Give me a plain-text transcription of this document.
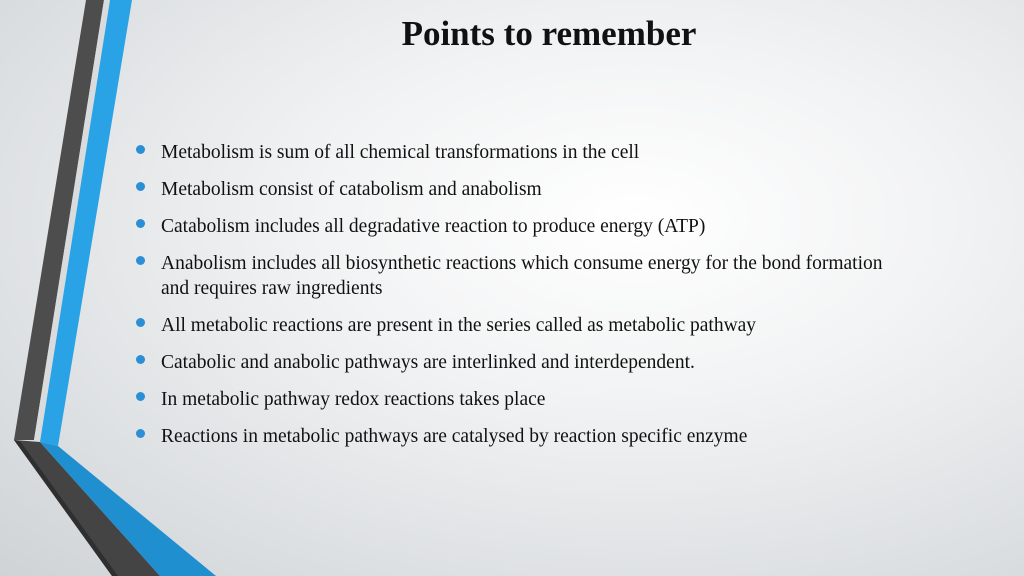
Points to remember
Metabolism is sum of all chemical transformations in the cell
Metabolism consist of catabolism and anabolism
Catabolism includes all degradative reaction to produce energy (ATP)
Anabolism includes all biosynthetic reactions which consume energy for the bond formation and requires raw ingredients
All metabolic reactions are present in the series called as metabolic pathway
Catabolic and anabolic pathways are interlinked and interdependent.
In metabolic pathway redox reactions takes place
Reactions in metabolic pathways are catalysed by reaction specific enzyme
